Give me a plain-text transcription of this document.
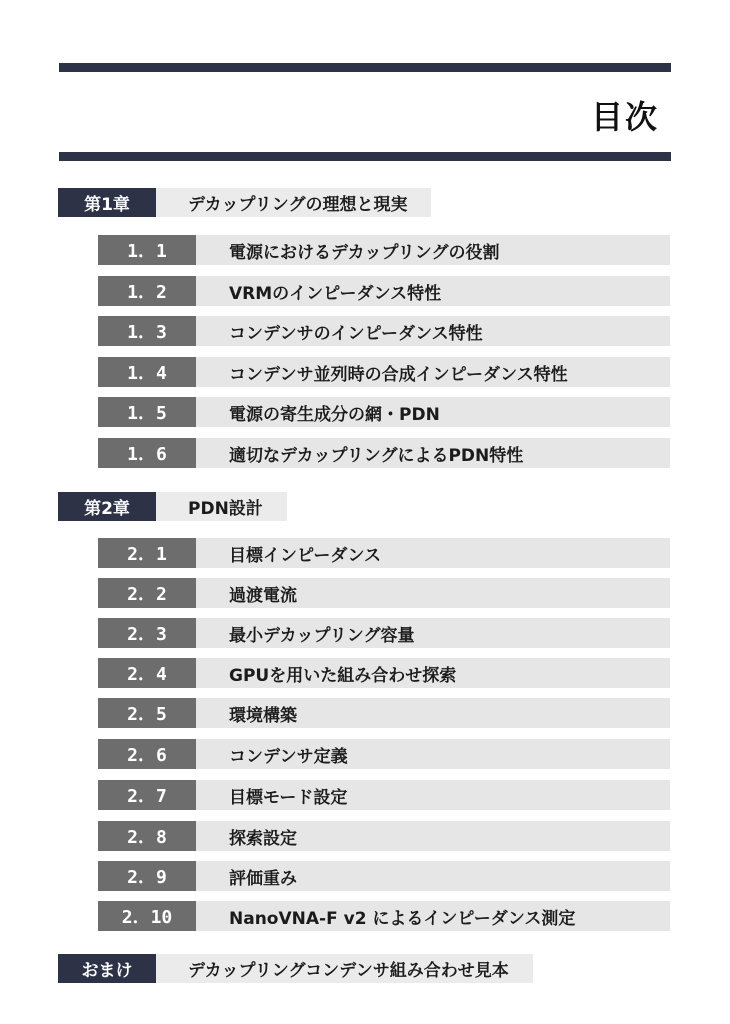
目次
第1章	デカップリングの理想と現実
1．1	電源におけるデカップリングの役割
1．2	VRMのインピーダンス特性
1．3	コンデンサのインピーダンス特性
1．4	コンデンサ並列時の合成インピーダンス特性
1．5	電源の寄生成分の網・PDN
1．6	適切なデカップリングによるPDN特性
第2章	PDN設計
2．1	目標インピーダンス
2．2	過渡電流
2．3	最小デカップリング容量
2．4	GPUを用いた組み合わせ探索
2．5	環境構築
2．6	コンデンサ定義
2．7	目標モード設定
2．8	探索設定
2．9	評価重み
2．10	NanoVNA-F v2 によるインピーダンス測定
おまけ	デカップリングコンデンサ組み合わせ見本
